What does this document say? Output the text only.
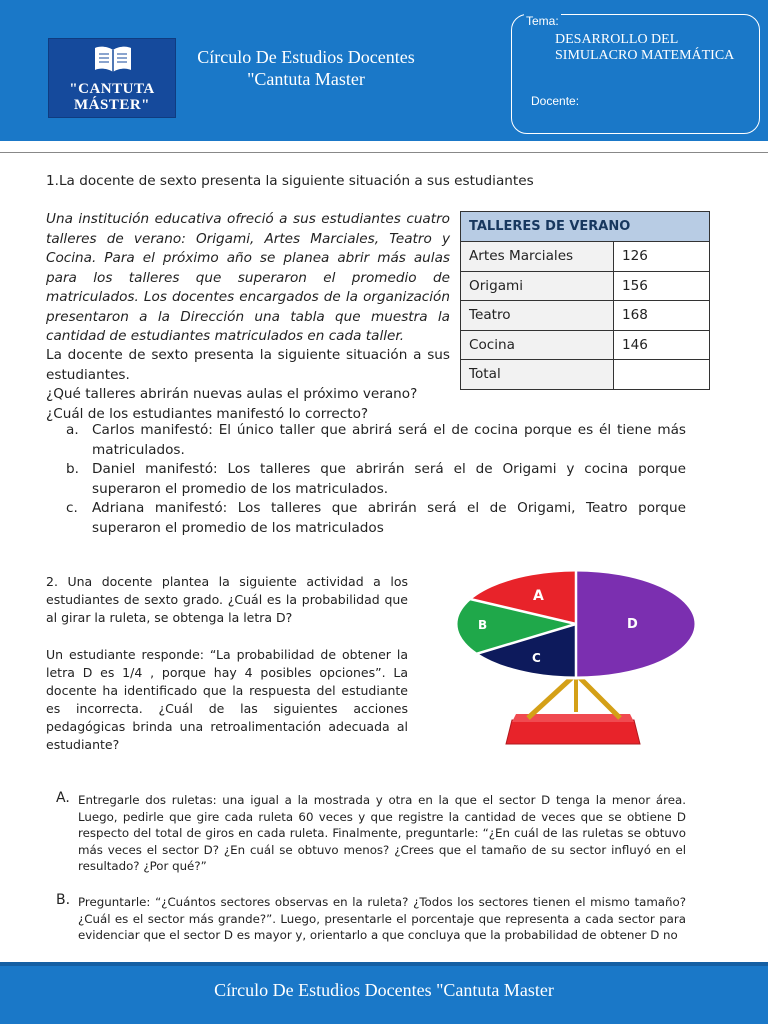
"CANTUTA
MÁSTER"
Círculo De Estudios Docentes
"Cantuta Master
Tema:
DESARROLLO DEL SIMULACRO MATEMÁTICA
Docente:
1.La docente de sexto presenta la siguiente situación a sus estudiantes
Una institución educativa ofreció a sus estudiantes cuatro talleres de verano: Origami, Artes Marciales, Teatro y Cocina. Para el próximo año se planea abrir más aulas para los talleres que superaron el promedio de matriculados. Los docentes encargados de la organización presentaron a la Dirección una tabla que muestra la cantidad de estudiantes matriculados en cada taller.
La docente de sexto presenta la siguiente situación a sus estudiantes.
¿Qué talleres abrirán nuevas aulas el próximo verano?
¿Cuál de los estudiantes manifestó lo correcto?
a. Carlos manifestó: El único taller que abrirá será el de cocina porque es él tiene más matriculados.
b. Daniel manifestó: Los talleres que abrirán será el de Origami y cocina porque superaron el promedio de los matriculados.
c. Adriana manifestó: Los talleres que abrirán será el de Origami, Teatro porque superaron el promedio de los matriculados
TALLERES DE VERANO	
Artes Marciales	126
Origami	156
Teatro	168
Cocina	146
Total	
2. Una docente plantea la siguiente actividad a los estudiantes de sexto grado. ¿Cuál es la probabilidad que al girar la ruleta, se obtenga la letra D?
Un estudiante responde: “La probabilidad de obtener la letra D es 1/4 , porque hay 4 posibles opciones”. La docente ha identificado que la respuesta del estudiante es incorrecta. ¿Cuál de las siguientes acciones pedagógicas brinda una retroalimentación adecuada al estudiante?
A
B
C
D
A. Entregarle dos ruletas: una igual a la mostrada y otra en la que el sector D tenga la menor área. Luego, pedirle que gire cada ruleta 60 veces y que registre la cantidad de veces que se obtiene D respecto del total de giros en cada ruleta. Finalmente, preguntarle: “¿En cuál de las ruletas se obtuvo más veces el sector D? ¿En cuál se obtuvo menos? ¿Crees que el tamaño de su sector influyó en el resultado? ¿Por qué?”
B. Preguntarle: “¿Cuántos sectores observas en la ruleta? ¿Todos los sectores tienen el mismo tamaño? ¿Cuál es el sector más grande?”. Luego, presentarle el porcentaje que representa a cada sector para evidenciar que el sector D es mayor y, orientarlo a que concluya que la probabilidad de obtener D no
Círculo De Estudios Docentes "Cantuta Master
